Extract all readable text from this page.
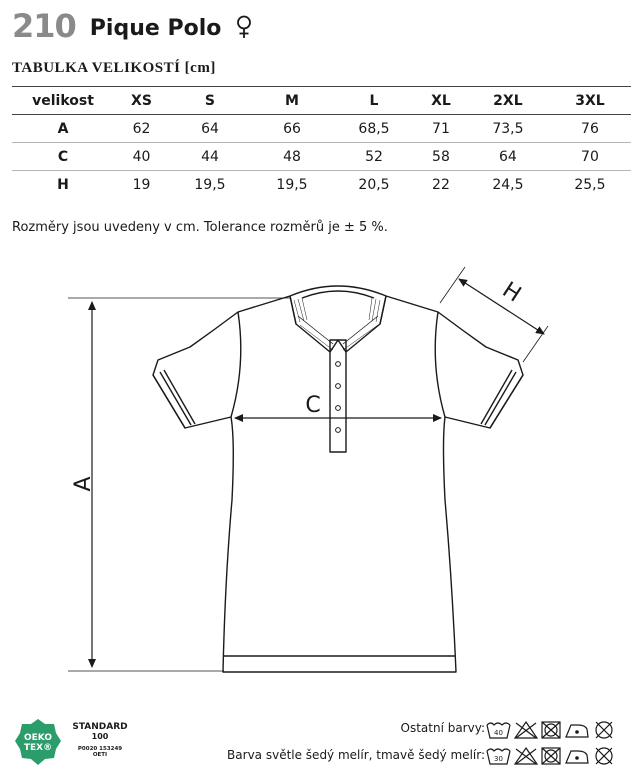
210 Pique Polo
TABULKA VELIKOSTÍ [cm]
velikost	XS	S	M	L	XL	2XL	3XL
A	62	64	66	68,5	71	73,5	76
C	40	44	48	52	58	64	70
H	19	19,5	19,5	20,5	22	24,5	25,5
Rozměry jsou uvedeny v cm. Tolerance rozměrů je ± 5 %.
A
C
H
OEKO
TEX®
STANDARD
100
P0020 153249
OETI
Ostatní barvy: 40
Barva světle šedý melír, tmavě šedý melír: 30
